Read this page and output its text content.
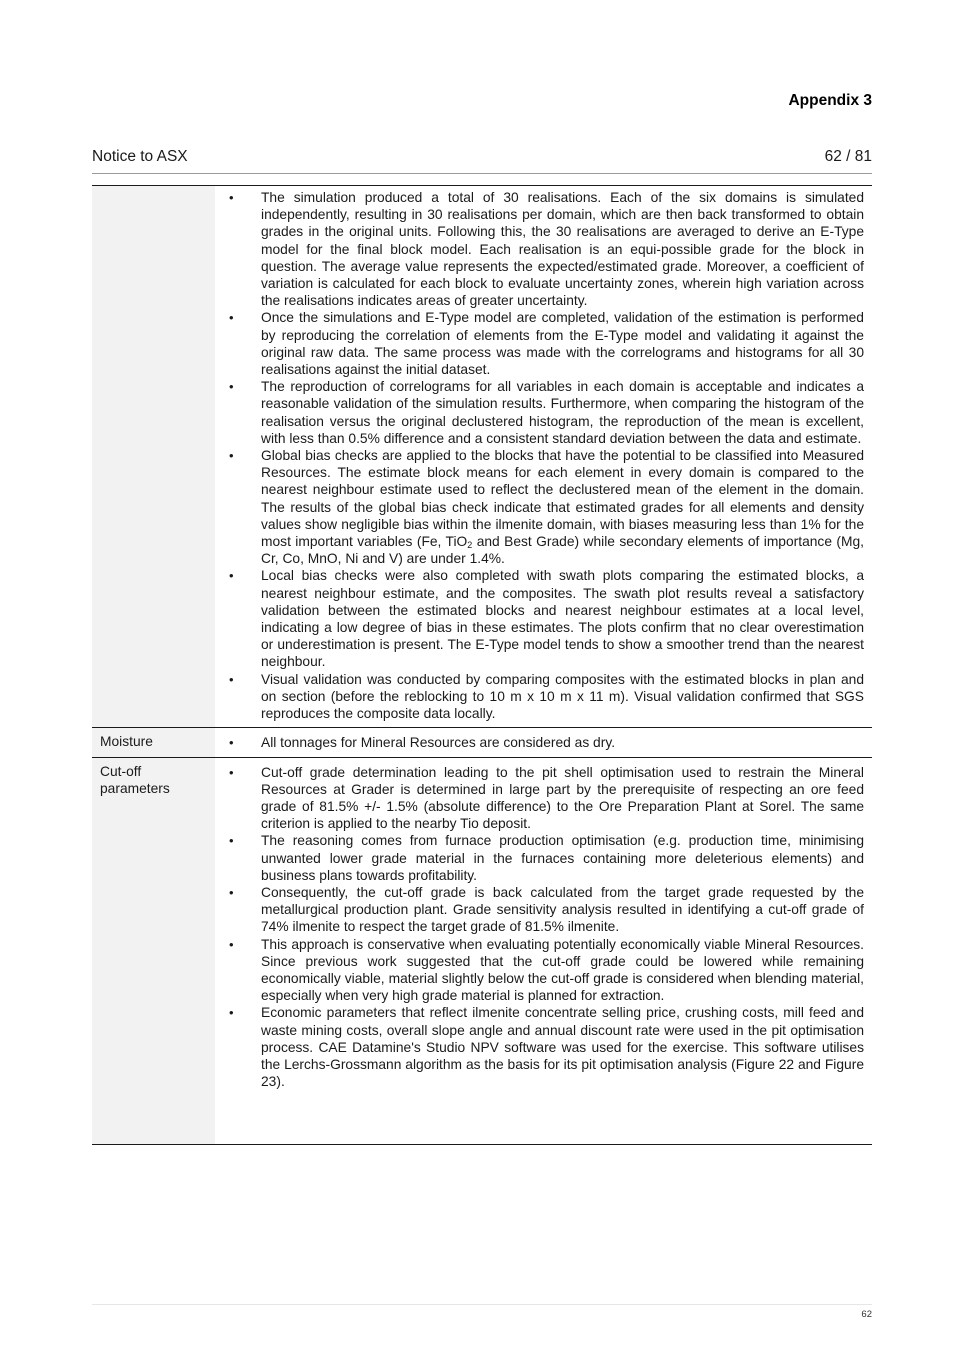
Appendix 3
Notice to ASX	62 / 81
• The simulation produced a total of 30 realisations. Each of the six domains is simulated independently, resulting in 30 realisations per domain, which are then back transformed to obtain grades in the original units. Following this, the 30 realisations are averaged to derive an E-Type model for the final block model. Each realisation is an equi-possible grade for the block in question. The average value represents the expected/estimated grade. Moreover, a coefficient of variation is calculated for each block to evaluate uncertainty zones, wherein high variation across the realisations indicates areas of greater uncertainty.
• Once the simulations and E-Type model are completed, validation of the estimation is performed by reproducing the correlation of elements from the E-Type model and validating it against the original raw data. The same process was made with the correlograms and histograms for all 30 realisations against the initial dataset.
• The reproduction of correlograms for all variables in each domain is acceptable and indicates a reasonable validation of the simulation results. Furthermore, when comparing the histogram of the realisation versus the original declustered histogram, the reproduction of the mean is excellent, with less than 0.5% difference and a consistent standard deviation between the data and estimate.
• Global bias checks are applied to the blocks that have the potential to be classified into Measured Resources. The estimate block means for each element in every domain is compared to the nearest neighbour estimate used to reflect the declustered mean of the element in the domain. The results of the global bias check indicate that estimated grades for all elements and density values show negligible bias within the ilmenite domain, with biases measuring less than 1% for the most important variables (Fe, TiO$_2$ and Best Grade) while secondary elements of importance (Mg, Cr, Co, MnO, Ni and V) are under 1.4%.
• Local bias checks were also completed with swath plots comparing the estimated blocks, a nearest neighbour estimate, and the composites. The swath plot results reveal a satisfactory validation between the estimated blocks and nearest neighbour estimates at a local level, indicating a low degree of bias in these estimates. The plots confirm that no clear overestimation or underestimation is present. The E-Type model tends to show a smoother trend than the nearest neighbour.
• Visual validation was conducted by comparing composites with the estimated blocks in plan and on section (before the reblocking to 10 m x 10 m x 11 m). Visual validation confirmed that SGS reproduces the composite data locally.
Moisture
•	All tonnages for Mineral Resources are considered as dry.
Cut-off parameters
• Cut-off grade determination leading to the pit shell optimisation used to restrain the Mineral Resources at Grader is determined in large part by the prerequisite of respecting an ore feed grade of 81.5% +/- 1.5% (absolute difference) to the Ore Preparation Plant at Sorel. The same criterion is applied to the nearby Tio deposit.
• The reasoning comes from furnace production optimisation (e.g. production time, minimising unwanted lower grade material in the furnaces containing more deleterious elements) and business plans towards profitability.
• Consequently, the cut-off grade is back calculated from the target grade requested by the metallurgical production plant. Grade sensitivity analysis resulted in identifying a cut-off grade of 74% ilmenite to respect the target grade of 81.5% ilmenite.
• This approach is conservative when evaluating potentially economically viable Mineral Resources. Since previous work suggested that the cut-off grade could be lowered while remaining economically viable, material slightly below the cut-off grade is considered when blending material, especially when very high grade material is planned for extraction.
• Economic parameters that reflect ilmenite concentrate selling price, crushing costs, mill feed and waste mining costs, overall slope angle and annual discount rate were used in the pit optimisation process. CAE Datamine's Studio NPV software was used for the exercise. This software utilises the Lerchs-Grossmann algorithm as the basis for its pit optimisation analysis (Figure 22 and Figure 23).
62
